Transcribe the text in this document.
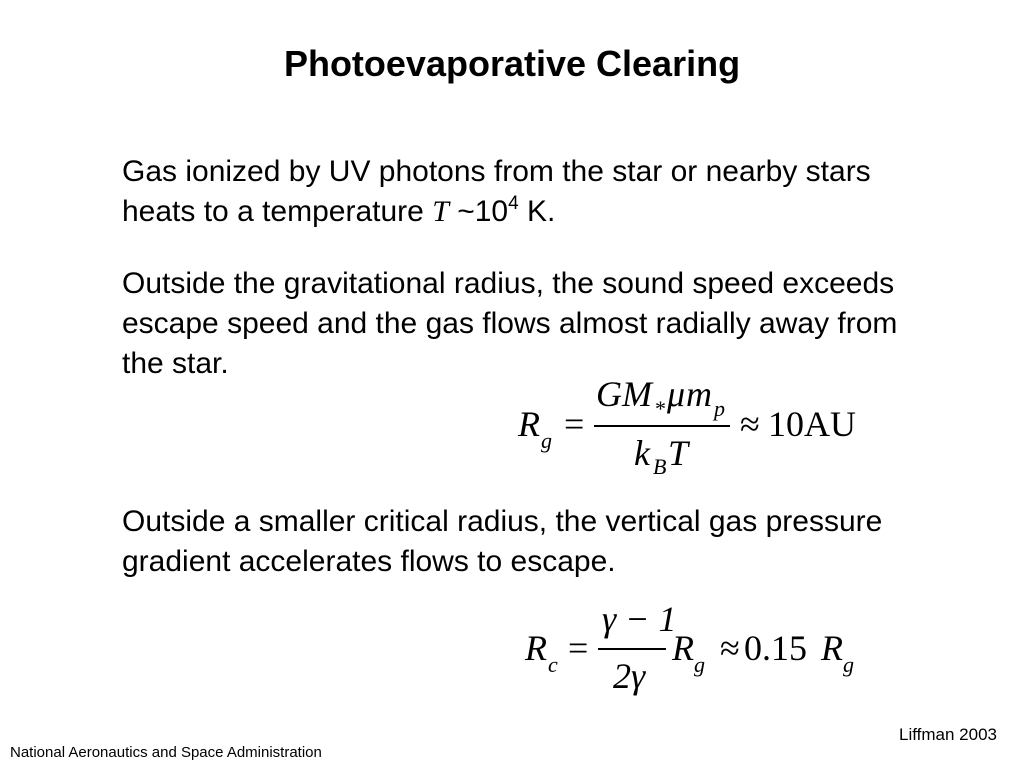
Photoevaporative Clearing
Gas ionized by UV photons from the star or nearby stars heats to a temperature T $\sim 10^4$ K.
Outside the gravitational radius, the sound speed exceeds escape speed and the gas flows almost radially away from the star.
R g =
GM * μ m p
k B T
≈ 10AU
Outside a smaller critical radius, the vertical gas pressure gradient accelerates flows to escape.
R c =
γ − 1
2γ
R g ≈ 0.15 R g
Liffman 2003
National Aeronautics and Space Administration
